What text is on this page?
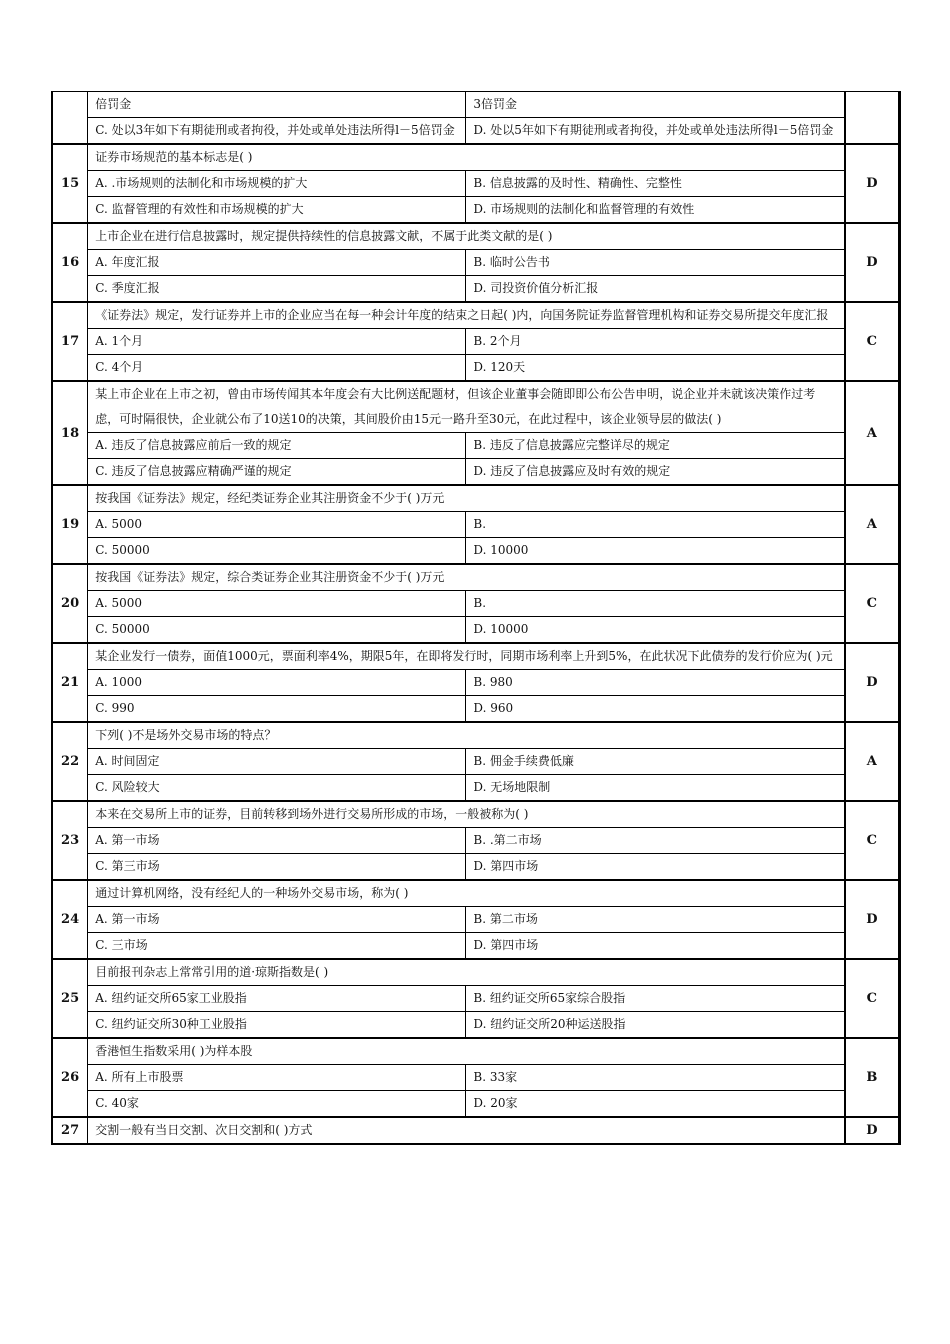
	倍罚金	3倍罚金	
	C. 处以3年如下有期徒刑或者拘役，并处或单处违法所得l－5倍罚金	D. 处以5年如下有期徒刑或者拘役，并处或单处违法所得l－5倍罚金	
15	证券市场规范的基本标志是( )		D
	A. .市场规则的法制化和市场规模的扩大	B. 信息披露的及时性、精确性、完整性	
	C. 监督管理的有效性和市场规模的扩大	D. 市场规则的法制化和监督管理的有效性	
16	上市企业在进行信息披露时，规定提供持续性的信息披露文献，不属于此类文献的是( )		D
	A. 年度汇报	B. 临时公告书	
	C. 季度汇报	D. 司投资价值分析汇报	
17	《证券法》规定，发行证券并上市的企业应当在每一种会计年度的结束之日起( )内，向国务院证券监督管理机构和证券交易所提交年度汇报		C
	A. 1个月	B. 2个月	
	C. 4个月	D. 120天	
18	某上市企业在上市之初，曾由市场传闻其本年度会有大比例送配题材，但该企业董事会随即即公布公告申明，说企业并未就该决策作过考虑，可时隔很快，企业就公布了10送10的决策，其间股价由15元一路升至30元，在此过程中，该企业领导层的做法( )		A
	A. 违反了信息披露应前后一致的规定	B. 违反了信息披露应完整详尽的规定	
	C. 违反了信息披露应精确严谨的规定	D. 违反了信息披露应及时有效的规定	
19	按我国《证券法》规定，经纪类证券企业其注册资金不少于( )万元		A
	A. 5000	B.	
	C. 50000	D. 10000	
20	按我国《证券法》规定，综合类证券企业其注册资金不少于( )万元		C
	A. 5000	B.	
	C. 50000	D. 10000	
21	某企业发行一债券，面值1000元，票面利率4%，期限5年，在即将发行时，同期市场利率上升到5%，在此状况下此债券的发行价应为( )元		D
	A. 1000	B. 980	
	C. 990	D. 960	
22	下列( )不是场外交易市场的特点？		A
	A. 时间固定	B. 佣金手续费低廉	
	C. 风险较大	D. 无场地限制	
23	本来在交易所上市的证券，目前转移到场外进行交易所形成的市场，一般被称为( )		C
	A. 第一市场	B. .第二市场	
	C. 第三市场	D. 第四市场	
24	通过计算机网络，没有经纪人的一种场外交易市场，称为( )		D
	A. 第一市场	B. 第二市场	
	C. 三市场	D. 第四市场	
25	目前报刊杂志上常常引用的道·琼斯指数是( )		C
	A. 纽约证交所65家工业股指	B. 纽约证交所65家综合股指	
	C. 纽约证交所30种工业股指	D. 纽约证交所20种运送股指	
26	香港恒生指数采用( )为样本股		B
	A. 所有上市股票	B. 33家	
	C. 40家	D. 20家	
27	交割一般有当日交割、次日交割和( )方式		D
